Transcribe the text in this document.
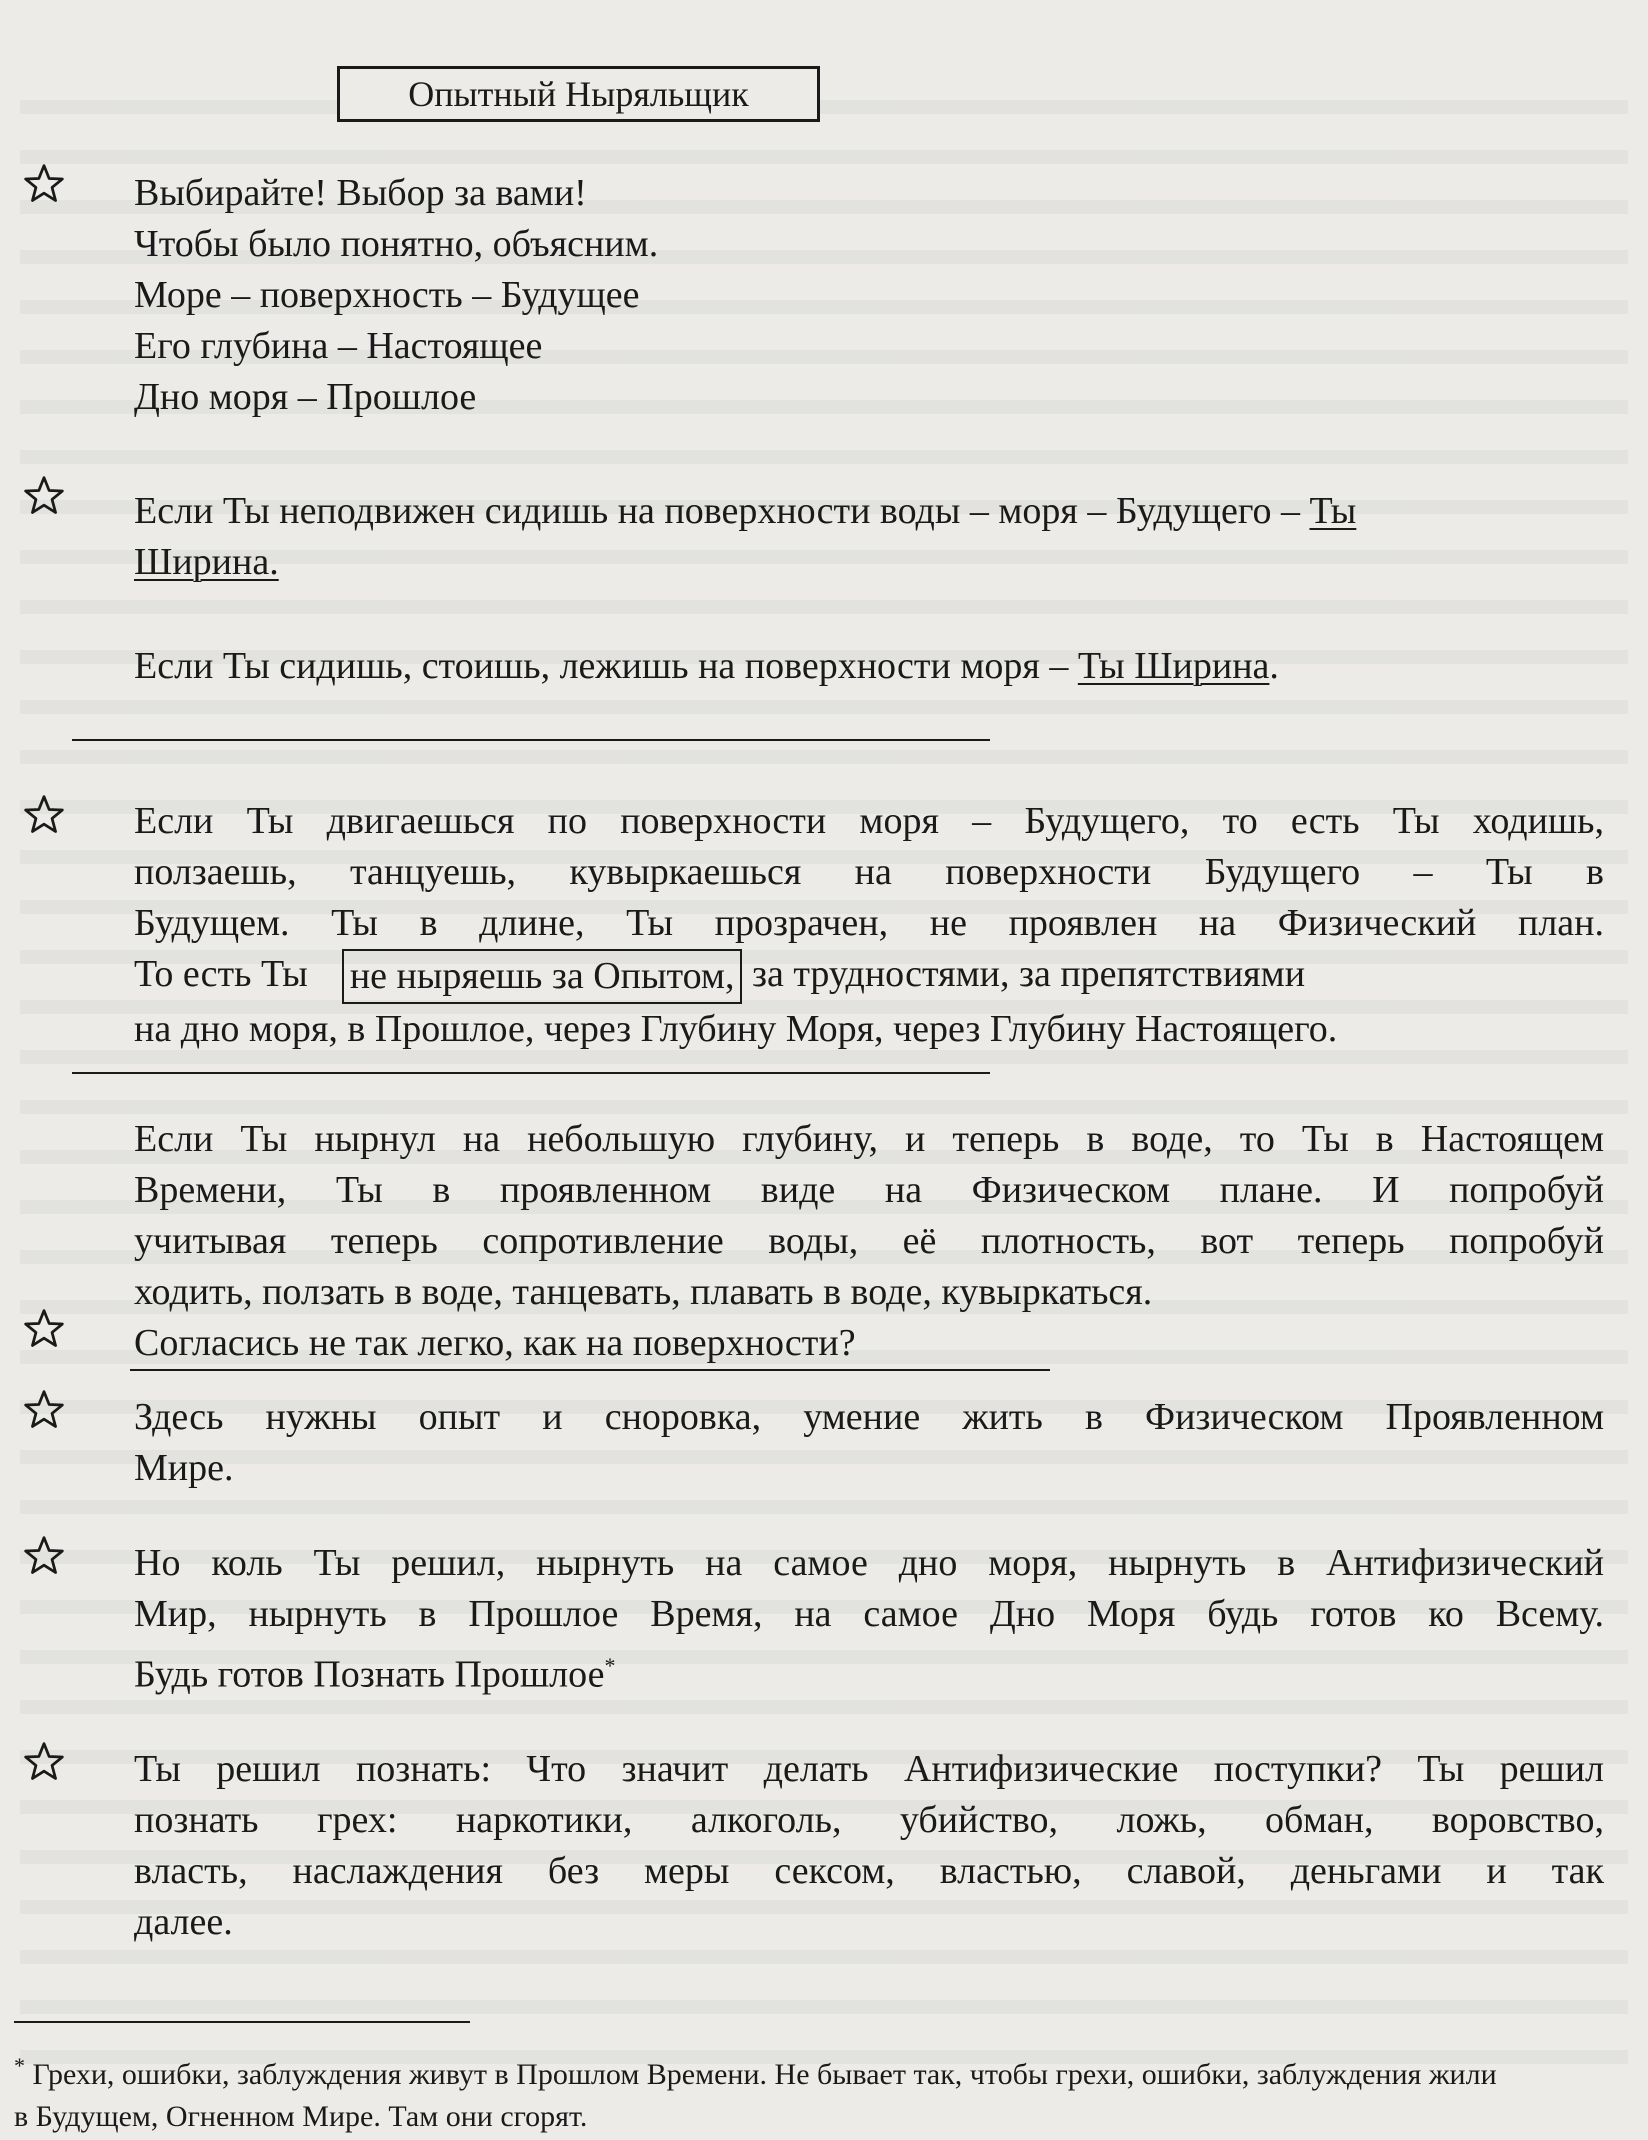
Опытный Ныряльщик
Выбирайте! Выбор за вами!
Чтобы было понятно, объясним.
Море – поверхность – Будущее
Его глубина – Настоящее
Дно моря – Прошлое
Если Ты неподвижен сидишь на поверхности воды – моря – Будущего – Ты
Ширина.
Если Ты сидишь, стоишь, лежишь на поверхности моря – Ты Ширина.
Если Ты двигаешься по поверхности моря – Будущего, то есть Ты ходишь,
ползаешь, танцуешь, кувыркаешься на поверхности Будущего – Ты в
Будущем. Ты в длине, Ты прозрачен, не проявлен на Физический план.
То есть Ты не ныряешь за Опытом, за трудностями, за препятствиями
на дно моря, в Прошлое, через Глубину Моря, через Глубину Настоящего.
Если Ты нырнул на небольшую глубину, и теперь в воде, то Ты в Настоящем
Времени, Ты в проявленном виде на Физическом плане. И попробуй
учитывая теперь сопротивление воды, её плотность, вот теперь попробуй
ходить, ползать в воде, танцевать, плавать в воде, кувыркаться.
Согласись не так легко, как на поверхности?
Здесь нужны опыт и сноровка, умение жить в Физическом Проявленном
Мире.
Но коль Ты решил, нырнуть на самое дно моря, нырнуть в Антифизический
Мир, нырнуть в Прошлое Время, на самое Дно Моря будь готов ко Всему.
Будь готов Познать Прошлое*
Ты решил познать: Что значит делать Антифизические поступки? Ты решил
познать грех: наркотики, алкоголь, убийство, ложь, обман, воровство,
власть, наслаждения без меры сексом, властью, славой, деньгами и так
далее.
* Грехи, ошибки, заблуждения живут в Прошлом Времени. Не бывает так, чтобы грехи, ошибки, заблуждения жили
в Будущем, Огненном Мире. Там они сгорят.
